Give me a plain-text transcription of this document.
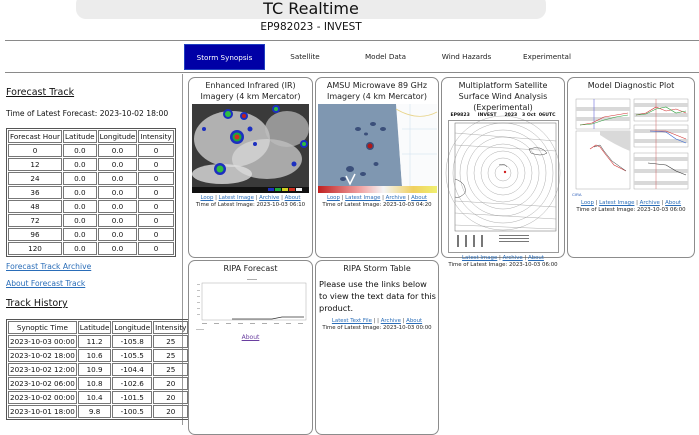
TC Realtime
EP982023 - INVEST
Storm Synopsis	Satellite	Model Data	Wind Hazards	Experimental
Forecast Track
Time of Latest Forecast: 2023-10-02 18:00
Forecast Hour	Latitude	Longitude	Intensity
0	0.0	0.0	0
12	0.0	0.0	0
24	0.0	0.0	0
36	0.0	0.0	0
48	0.0	0.0	0
72	0.0	0.0	0
96	0.0	0.0	0
120	0.0	0.0	0
Forecast Track Archive
About Forecast Track
Track History
Synoptic Time	Latitude	Longitude	Intensity
2023-10-03 00:00	11.2	-105.8	25
2023-10-02 18:00	10.6	-105.5	25
2023-10-02 12:00	10.9	-104.4	25
2023-10-02 06:00	10.8	-102.6	20
2023-10-02 00:00	10.4	-101.5	20
2023-10-01 18:00	9.8	-100.5	20
Enhanced Infrared (IR) Imagery (4 km Mercator)
Loop | Latest Image | Archive | About
Time of Latest Image: 2023-10-03 06:10
AMSU Microwave 89 GHz Imagery (4 km Mercator)
Loop | Latest Image | Archive | About
Time of Latest Image: 2023-10-03 04:20
Multiplatform Satellite Surface Wind Analysis (Experimental)
EP9823     INVEST     2023   3 Oct  06UTC
Latest Image | Archive | About
Time of Latest Image: 2023-10-03 06:00
Model Diagnostic Plot
CIRA
Loop | Latest Image | Archive | About
Time of Latest Image: 2023-10-03 06:00
RIPA Forecast
About
RIPA Storm Table
Please use the links below to view the text data for this product.
Latest Text File | | Archive | About
Time of Latest Image: 2023-10-03 00:00
